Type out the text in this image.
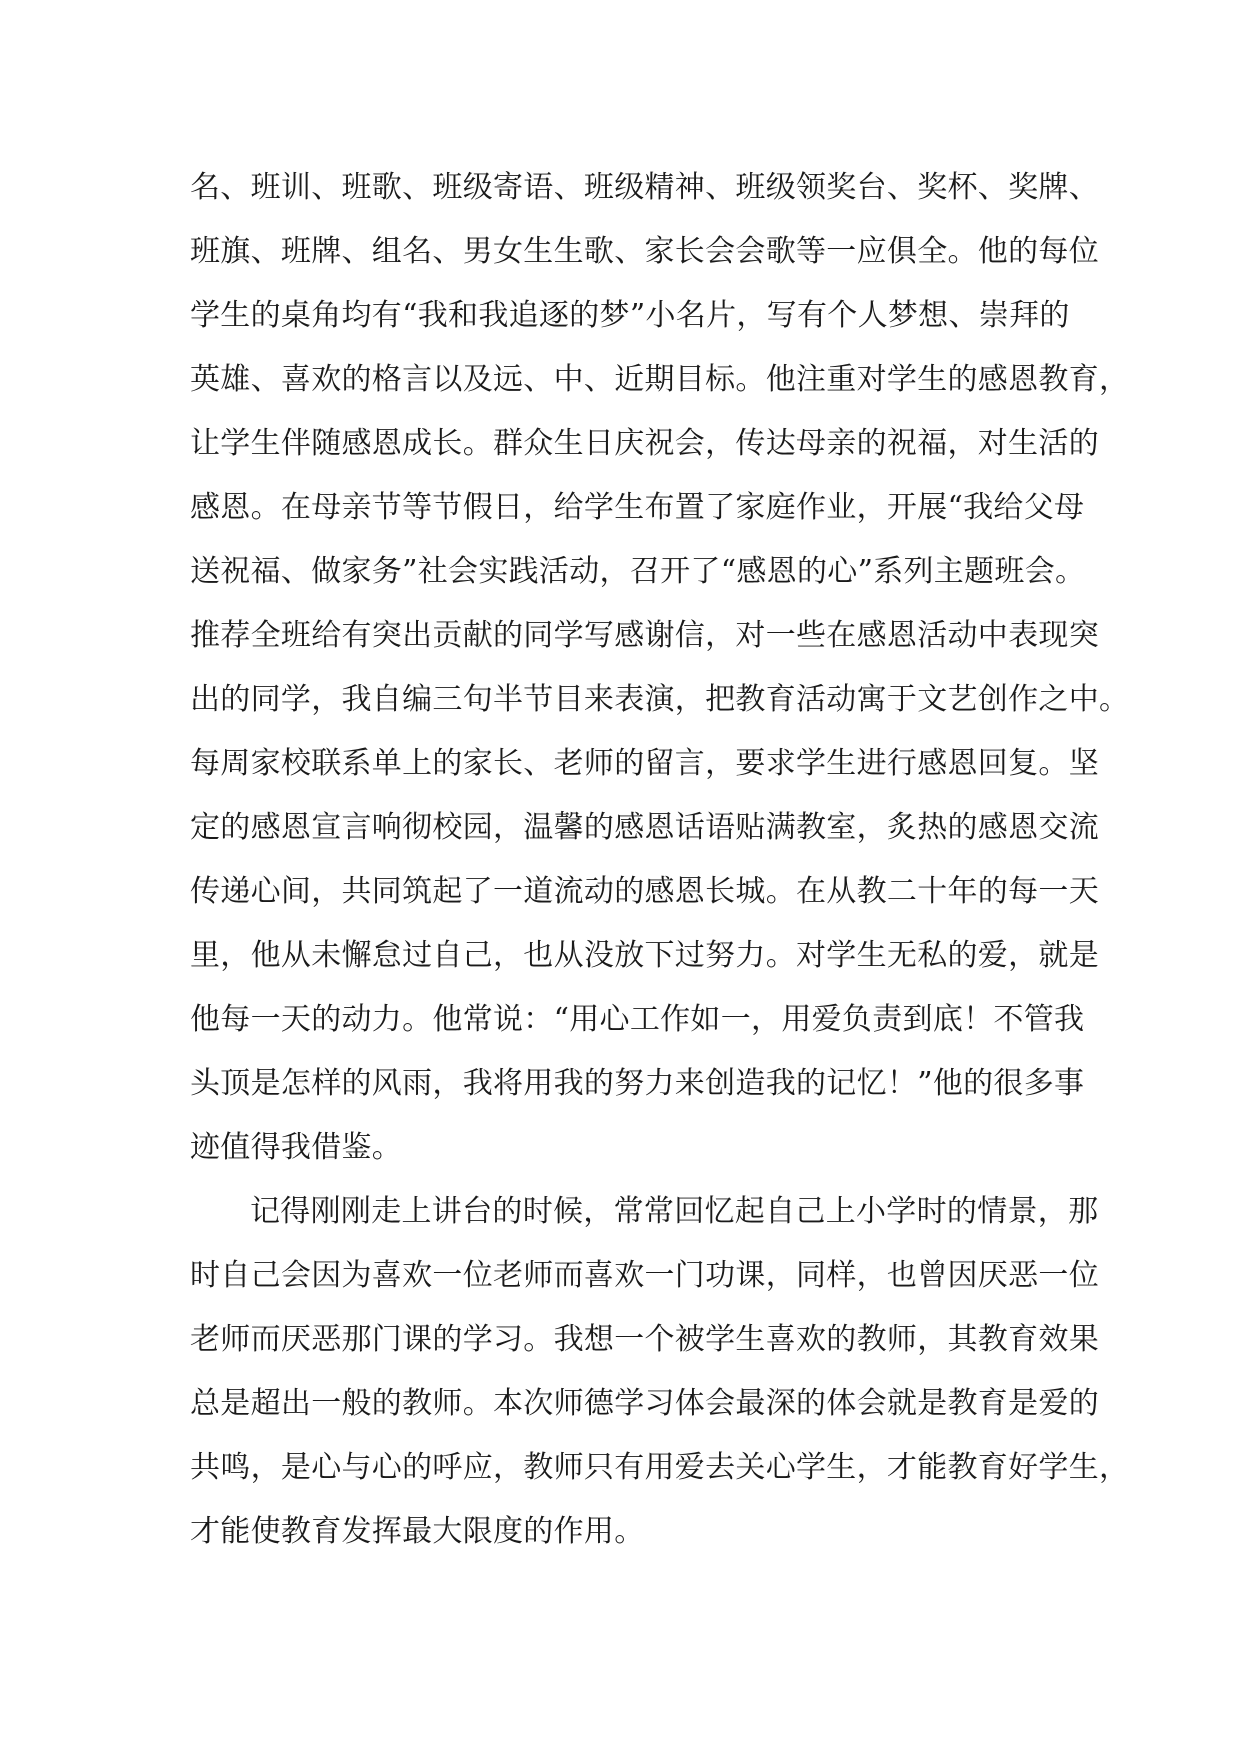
名、班训、班歌、班级寄语、班级精神、班级领奖台、奖杯、奖牌、
班旗、班牌、组名、男女生生歌、家长会会歌等一应俱全。他的每位
学生的桌角均有“我和我追逐的梦”小名片，写有个人梦想、崇拜的
英雄、喜欢的格言以及远、中、近期目标。他注重对学生的感恩教育，
让学生伴随感恩成长。群众生日庆祝会，传达母亲的祝福，对生活的
感恩。在母亲节等节假日，给学生布置了家庭作业，开展“我给父母
送祝福、做家务”社会实践活动，召开了“感恩的心”系列主题班会。
推荐全班给有突出贡献的同学写感谢信，对一些在感恩活动中表现突
出的同学，我自编三句半节目来表演，把教育活动寓于文艺创作之中。
每周家校联系单上的家长、老师的留言，要求学生进行感恩回复。坚
定的感恩宣言响彻校园，温馨的感恩话语贴满教室，炙热的感恩交流
传递心间，共同筑起了一道流动的感恩长城。在从教二十年的每一天
里，他从未懈怠过自己，也从没放下过努力。对学生无私的爱，就是
他每一天的动力。他常说：“用心工作如一，用爱负责到底！不管我
头顶是怎样的风雨，我将用我的努力来创造我的记忆！”他的很多事
迹值得我借鉴。
记得刚刚走上讲台的时候，常常回忆起自己上小学时的情景，那
时自己会因为喜欢一位老师而喜欢一门功课，同样，也曾因厌恶一位
老师而厌恶那门课的学习。我想一个被学生喜欢的教师，其教育效果
总是超出一般的教师。本次师德学习体会最深的体会就是教育是爱的
共鸣，是心与心的呼应，教师只有用爱去关心学生，才能教育好学生，
才能使教育发挥最大限度的作用。
